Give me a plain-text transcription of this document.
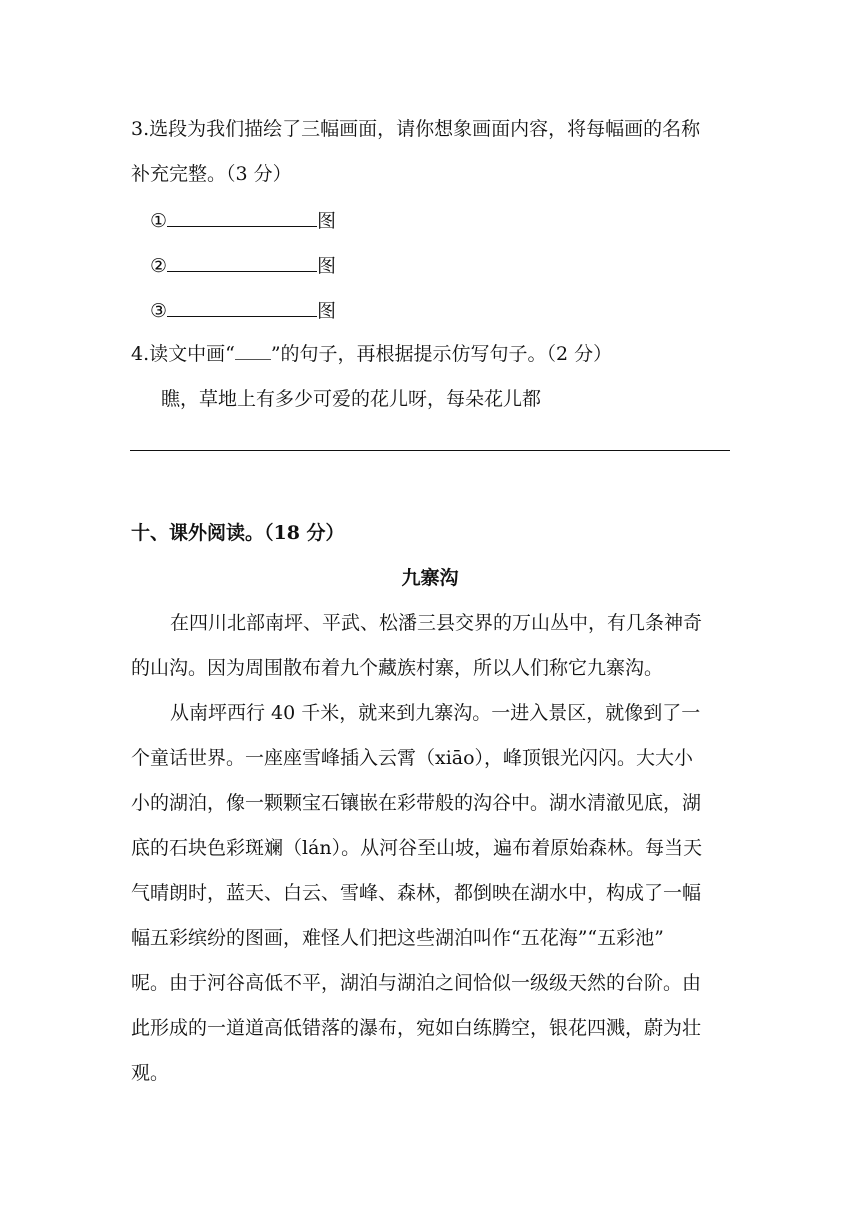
3.选段为我们描绘了三幅画面，请你想象画面内容，将每幅画的名称
补充完整。（3 分）
①	图
②	图
③	图
4.读文中画“ ”的句子，再根据提示仿写句子。（2 分）
瞧，草地上有多少可爱的花儿呀，每朵花儿都
十、课外阅读。（18 分）
九寨沟
在四川北部南坪、平武、松潘三县交界的万山丛中，有几条神奇
的山沟。因为周围散布着九个藏族村寨，所以人们称它九寨沟。
从南坪西行 40 千米，就来到九寨沟。一进入景区，就像到了一
个童话世界。一座座雪峰插入云霄（xiāo），峰顶银光闪闪。大大小
小的湖泊，像一颗颗宝石镶嵌在彩带般的沟谷中。湖水清澈见底，湖
底的石块色彩斑斓（lán）。从河谷至山坡，遍布着原始森林。每当天
气晴朗时，蓝天、白云、雪峰、森林，都倒映在湖水中，构成了一幅
幅五彩缤纷的图画，难怪人们把这些湖泊叫作“五花海”“五彩池”
呢。由于河谷高低不平，湖泊与湖泊之间恰似一级级天然的台阶。由
此形成的一道道高低错落的瀑布，宛如白练腾空，银花四溅，蔚为壮
观。
